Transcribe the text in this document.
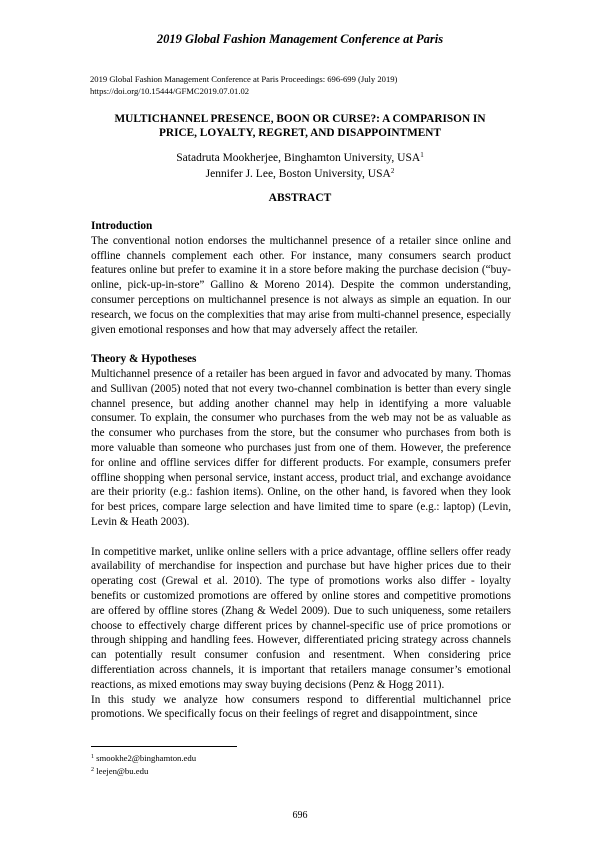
2019 Global Fashion Management Conference at Paris
2019 Global Fashion Management Conference at Paris Proceedings: 696-699 (July 2019)
https://doi.org/10.15444/GFMC2019.07.01.02
MULTICHANNEL PRESENCE, BOON OR CURSE?: A COMPARISON IN
PRICE, LOYALTY, REGRET, AND DISAPPOINTMENT
Satadruta Mookherjee, Binghamton University, USA$^1$
Jennifer J. Lee, Boston University, USA$^2$
ABSTRACT
Introduction

The conventional notion endorses the multichannel presence of a retailer since online and offline channels complement each other. For instance, many consumers search product features online but prefer to examine it in a store before making the purchase decision (“buy-online, pick-up-in-store” Gallino & Moreno 2014). Despite the common understanding, consumer perceptions on multichannel presence is not always as simple an equation. In our research, we focus on the complexities that may arise from multi-channel presence, especially given emotional responses and how that may adversely affect the retailer.

Theory & Hypotheses

Multichannel presence of a retailer has been argued in favor and advocated by many. Thomas and Sullivan (2005) noted that not every two-channel combination is better than every single channel presence, but adding another channel may help in identifying a more valuable consumer. To explain, the consumer who purchases from the web may not be as valuable as the consumer who purchases from the store, but the consumer who purchases from both is more valuable than someone who purchases just from one of them. However, the preference for online and offline services differ for different products. For example, consumers prefer offline shopping when personal service, instant access, product trial, and exchange avoidance are their priority (e.g.: fashion items). Online, on the other hand, is favored when they look for best prices, compare large selection and have limited time to spare (e.g.: laptop) (Levin, Levin & Heath 2003).

In competitive market, unlike online sellers with a price advantage, offline sellers offer ready availability of merchandise for inspection and purchase but have higher prices due to their operating cost (Grewal et al. 2010). The type of promotions works also differ - loyalty benefits or customized promotions are offered by online stores and competitive promotions are offered by offline stores (Zhang & Wedel 2009). Due to such uniqueness, some retailers choose to effectively charge different prices by channel-specific use of price promotions or through shipping and handling fees. However, differentiated pricing strategy across channels can potentially result consumer confusion and resentment. When considering price differentiation across channels, it is important that retailers manage consumer’s emotional reactions, as mixed emotions may sway buying decisions (Penz & Hogg 2011).

In this study we analyze how consumers respond to differential multichannel price promotions. We specifically focus on their feelings of regret and disappointment, since

$^1$ smookhe2@binghamton.edu
$^2$ leejen@bu.edu
696
